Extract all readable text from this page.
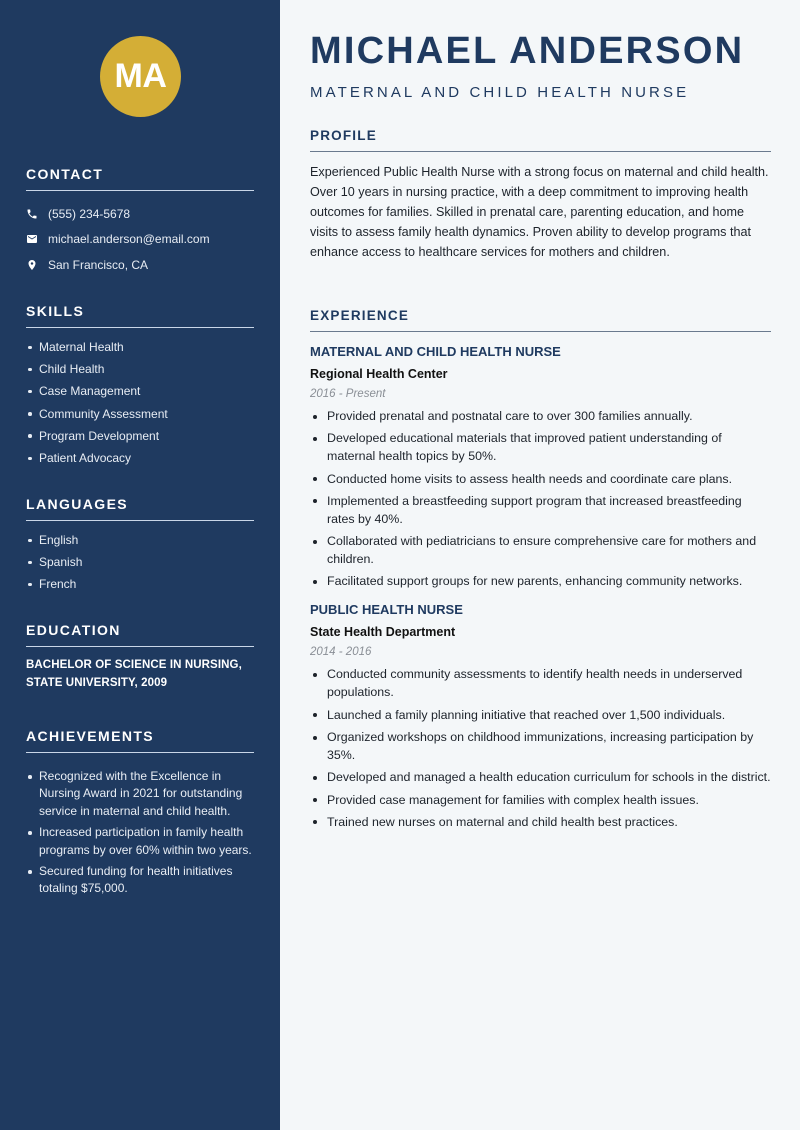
MA
CONTACT
(555) 234-5678
michael.anderson@email.com
San Francisco, CA
SKILLS
Maternal Health
Child Health
Case Management
Community Assessment
Program Development
Patient Advocacy
LANGUAGES
English
Spanish
French
EDUCATION
BACHELOR OF SCIENCE IN NURSING,
STATE UNIVERSITY, 2009
ACHIEVEMENTS
Recognized with the Excellence in Nursing Award in 2021 for outstanding service in maternal and child health.
Increased participation in family health programs by over 60% within two years.
Secured funding for health initiatives totaling $75,000.
MICHAEL ANDERSON
MATERNAL AND CHILD HEALTH NURSE
PROFILE

Experienced Public Health Nurse with a strong focus on maternal and child health. Over 10 years in nursing practice, with a deep commitment to improving health outcomes for families. Skilled in prenatal care, parenting education, and home visits to assess family health dynamics. Proven ability to develop programs that enhance access to healthcare services for mothers and children.

EXPERIENCE
MATERNAL AND CHILD HEALTH NURSE
Regional Health Center
2016 - Present
Provided prenatal and postnatal care to over 300 families annually.
Developed educational materials that improved patient understanding of maternal health topics by 50%.
Conducted home visits to assess health needs and coordinate care plans.
Implemented a breastfeeding support program that increased breastfeeding rates by 40%.
Collaborated with pediatricians to ensure comprehensive care for mothers and children.
Facilitated support groups for new parents, enhancing community networks.
PUBLIC HEALTH NURSE
State Health Department
2014 - 2016
Conducted community assessments to identify health needs in underserved populations.
Launched a family planning initiative that reached over 1,500 individuals.
Organized workshops on childhood immunizations, increasing participation by 35%.
Developed and managed a health education curriculum for schools in the district.
Provided case management for families with complex health issues.
Trained new nurses on maternal and child health best practices.
